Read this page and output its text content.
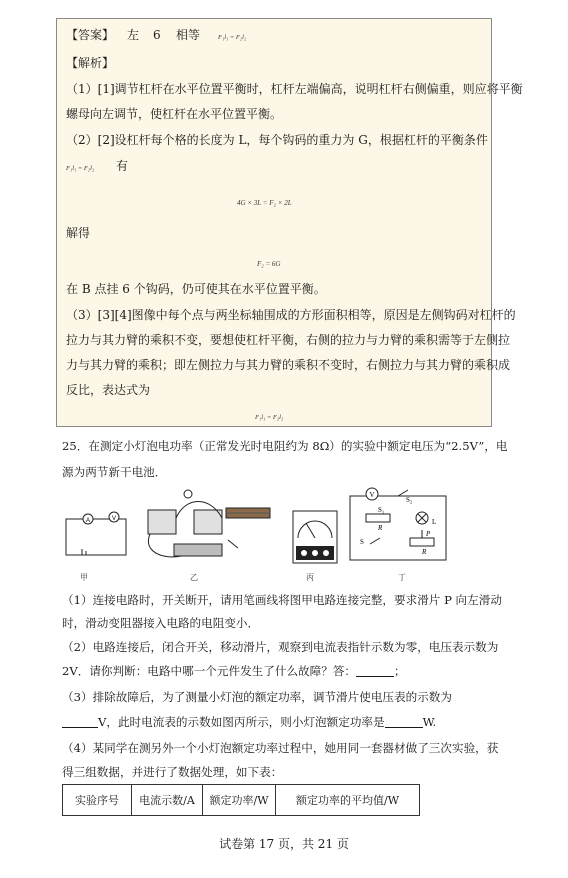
【答案】 左 6 相等	F₁l₁ = F₂l₂
【解析】
（1）[1]调节杠杆在水平位置平衡时，杠杆左端偏高，说明杠杆右侧偏重，则应将平衡
螺母向左调节，使杠杆在水平位置平衡。
（2）[2]设杠杆每个格的长度为 L，每个钩码的重力为 G，根据杠杆的平衡条件
F₁l₁ = F₂l₂ 有
4G × 3L = F₂ × 2L
解得
F₂ = 6G
在 B 点挂 6 个钩码，仍可使其在水平位置平衡。
（3）[3][4]图像中每个点与两坐标轴围成的方形面积相等，原因是左侧钩码对杠杆的
拉力与其力臂的乘积不变，要想使杠杆平衡，右侧的拉力与力臂的乘积需等于左侧拉
力与其力臂的乘积；即左侧拉力与其力臂的乘积不变时，右侧拉力与其力臂的乘积成
反比，表达式为
F₁l₁ = F₂l₂
25．在测定小灯泡电功率（正常发光时电阻约为 8Ω）的实验中额定电压为“2.5V”，电
源为两节新干电池．
A	V
V
S₂
S₁
R
L
S
P
R
甲	乙	丙	丁
（1）连接电路时，开关断开，请用笔画线将图甲电路连接完整，要求滑片 P 向左滑动
时，滑动变阻器接入电路的电阻变小．
（2）电路连接后，闭合开关，移动滑片，观察到电流表指针示数为零，电压表示数为
2V．请你判断：电路中哪一个元件发生了什么故障？答：	；
（3）排除故障后，为了测量小灯泡的额定功率，调节滑片使电压表的示数为
V，此时电流表的示数如图丙所示，则小灯泡额定功率是	W.
（4）某同学在测另外一个小灯泡额定功率过程中，她用同一套器材做了三次实验，获
得三组数据，并进行了数据处理，如下表：
实验序号	电流示数/A	额定功率/W	额定功率的平均值/W
试卷第 17 页，共 21 页
